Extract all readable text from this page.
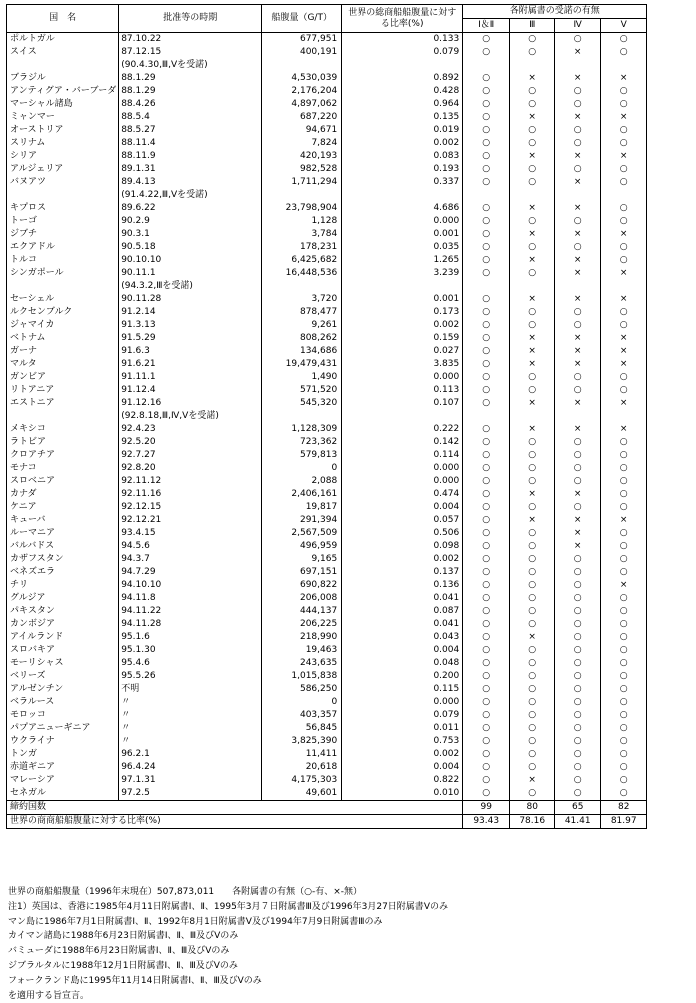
国　名	批准等の時期	船腹量（G/T）	世界の総商船船腹量に対する比率(%)	各附属書の受諾の有無			
				Ⅰ＆Ⅱ	Ⅲ	Ⅳ	Ⅴ
ポルトガル	87.10.22	677,951	0.133	○	○	○	○
スイス	87.12.15	400,191	0.079	○	○	×	○
	(90.4.30,Ⅲ,Ⅴを受諾)						
ブラジル	88.1.29	4,530,039	0.892	○	×	×	×
アンティグア・バーブーダ	88.1.29	2,176,204	0.428	○	○	○	○
マーシャル諸島	88.4.26	4,897,062	0.964	○	○	○	○
ミャンマー	88.5.4	687,220	0.135	○	×	×	×
オーストリア	88.5.27	94,671	0.019	○	○	○	○
スリナム	88.11.4	7,824	0.002	○	○	○	○
シリア	88.11.9	420,193	0.083	○	×	×	×
アルジェリア	89.1.31	982,528	0.193	○	○	○	○
バヌアツ	89.4.13	1,711,294	0.337	○	○	×	○
	(91.4.22,Ⅲ,Ⅴを受諾)						
キプロス	89.6.22	23,798,904	4.686	○	×	×	○
トーゴ	90.2.9	1,128	0.000	○	○	○	○
ジブチ	90.3.1	3,784	0.001	○	×	×	×
エクアドル	90.5.18	178,231	0.035	○	○	○	○
トルコ	90.10.10	6,425,682	1.265	○	×	×	○
シンガポール	90.11.1	16,448,536	3.239	○	○	×	×
	(94.3.2,Ⅲを受諾)						
セーシェル	90.11.28	3,720	0.001	○	×	×	×
ルクセンブルク	91.2.14	878,477	0.173	○	○	○	○
ジャマイカ	91.3.13	9,261	0.002	○	○	○	○
ベトナム	91.5.29	808,262	0.159	○	×	×	×
ガーナ	91.6.3	134,686	0.027	○	×	×	×
マルタ	91.6.21	19,479,431	3.835	○	×	×	×
ガンビア	91.11.1	1,490	0.000	○	○	○	○
リトアニア	91.12.4	571,520	0.113	○	○	○	○
エストニア	91.12.16	545,320	0.107	○	×	×	×
	(92.8.18,Ⅲ,Ⅳ,Ⅴを受諾)						
メキシコ	92.4.23	1,128,309	0.222	○	×	×	×
ラトビア	92.5.20	723,362	0.142	○	○	○	○
クロアチア	92.7.27	579,813	0.114	○	○	○	○
モナコ	92.8.20	0	0.000	○	○	○	○
スロベニア	92.11.12	2,088	0.000	○	○	○	○
カナダ	92.11.16	2,406,161	0.474	○	×	×	○
ケニア	92.12.15	19,817	0.004	○	○	○	○
キューバ	92.12.21	291,394	0.057	○	×	×	×
ルーマニア	93.4.15	2,567,509	0.506	○	○	×	○
バルバドス	94.5.6	496,959	0.098	○	○	×	○
カザフスタン	94.3.7	9,165	0.002	○	○	○	○
ベネズエラ	94.7.29	697,151	0.137	○	○	○	○
チリ	94.10.10	690,822	0.136	○	○	○	×
グルジア	94.11.8	206,008	0.041	○	○	○	○
パキスタン	94.11.22	444,137	0.087	○	○	○	○
カンボジア	94.11.28	206,225	0.041	○	○	○	○
アイルランド	95.1.6	218,990	0.043	○	×	○	○
スロバキア	95.1.30	19,463	0.004	○	○	○	○
モーリシャス	95.4.6	243,635	0.048	○	○	○	○
ベリーズ	95.5.26	1,015,838	0.200	○	○	○	○
アルゼンチン	不明	586,250	0.115	○	○	○	○
ベラルース	〃	0	0.000	○	○	○	○
モロッコ	〃	403,357	0.079	○	○	○	○
パプアニューギニア	〃	56,845	0.011	○	○	○	○
ウクライナ	〃	3,825,390	0.753	○	○	○	○
トンガ	96.2.1	11,411	0.002	○	○	○	○
赤道ギニア	96.4.24	20,618	0.004	○	○	○	○
マレーシア	97.1.31	4,175,303	0.822	○	×	○	○
セネガル	97.2.5	49,601	0.010	○	○	○	○
締約国数				99	80	65	82
世界の商商船船腹量に対する比率(%)				93.43	78.16	41.41	81.97
世界の商船船腹量（1996年末現在）507,873,011　　各附属書の有無（○-有、×-無）
注1）英国は、香港に1985年4月11日附属書Ⅰ、Ⅱ、1995年3月７日附属書Ⅲ及び1996年3月27日附属書Ⅴのみ
マン島に1986年7月1日附属書Ⅰ、Ⅱ、1992年8月1日附属書Ⅴ及び1994年7月9日附属書Ⅲのみ
カイマン諸島に1988年6月23日附属書Ⅰ、Ⅱ、Ⅲ及びⅤのみ
バミューダに1988年6月23日附属書Ⅰ、Ⅱ、Ⅲ及びⅤのみ
ジブラルタルに1988年12月1日附属書Ⅰ、Ⅱ、Ⅲ及びⅤのみ
フォークランド島に1995年11月14日附属書Ⅰ、Ⅱ、Ⅲ及びⅤのみ
を適用する旨宣言。
